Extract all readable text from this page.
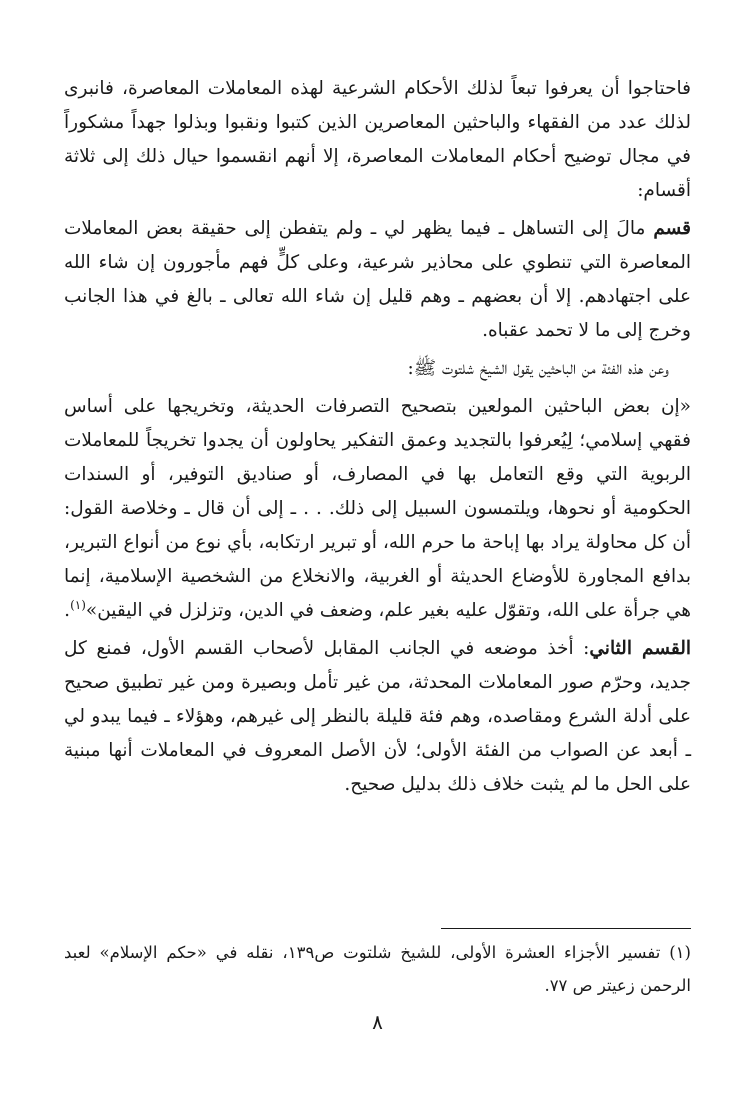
فاحتاجوا أن يعرفوا تبعاً لذلك الأحكام الشرعية لهذه المعاملات المعاصرة، فانبرى لذلك عدد من الفقهاء والباحثين المعاصرين الذين كتبوا ونقبوا وبذلوا جهداً مشكوراً في مجال توضيح أحكام المعاملات المعاصرة، إلا أنهم انقسموا حيال ذلك إلى ثلاثة أقسام:

قسم مالَ إلى التساهل ـ فيما يظهر لي ـ ولم يتفطن إلى حقيقة بعض المعاملات المعاصرة التي تنطوي على محاذير شرعية، وعلى كلٍّ فهم مأجورون إن شاء الله على اجتهادهم. إلا أن بعضهم ـ وهم قليل إن شاء الله تعالى ـ بالغ في هذا الجانب وخرج إلى ما لا تحمد عقباه.

وعن هذه الفئة من الباحثين يقول الشيخ شلتوت ﷺ:

«إن بعض الباحثين المولعين بتصحيح التصرفات الحديثة، وتخريجها على أساس فقهي إسلامي؛ لِيُعرفوا بالتجديد وعمق التفكير يحاولون أن يجدوا تخريجاً للمعاملات الربوية التي وقع التعامل بها في المصارف، أو صناديق التوفير، أو السندات الحكومية أو نحوها، ويلتمسون السبيل إلى ذلك. . . ـ إلى أن قال ـ وخلاصة القول: أن كل محاولة يراد بها إباحة ما حرم الله، أو تبرير ارتكابه، بأي نوع من أنواع التبرير، بدافع المجاورة للأوضاع الحديثة أو الغربية، والانخلاع من الشخصية الإسلامية، إنما هي جرأة على الله، وتقوّل عليه بغير علم، وضعف في الدين، وتزلزل في اليقين»$^{(١)}$.

القسم الثاني: أخذ موضعه في الجانب المقابل لأصحاب القسم الأول، فمنع كل جديد، وحرّم صور المعاملات المحدثة، من غير تأمل وبصيرة ومن غير تطبيق صحيح على أدلة الشرع ومقاصده، وهم فئة قليلة بالنظر إلى غيرهم، وهؤلاء ـ فيما يبدو لي ـ أبعد عن الصواب من الفئة الأولى؛ لأن الأصل المعروف في المعاملات أنها مبنية على الحل ما لم يثبت خلاف ذلك بدليل صحيح.

(١) تفسير الأجزاء العشرة الأولى، للشيخ شلتوت ص١٣٩، نقله في «حكم الإسلام» لعبد الرحمن زعيتر ص ٧٧.

٨
